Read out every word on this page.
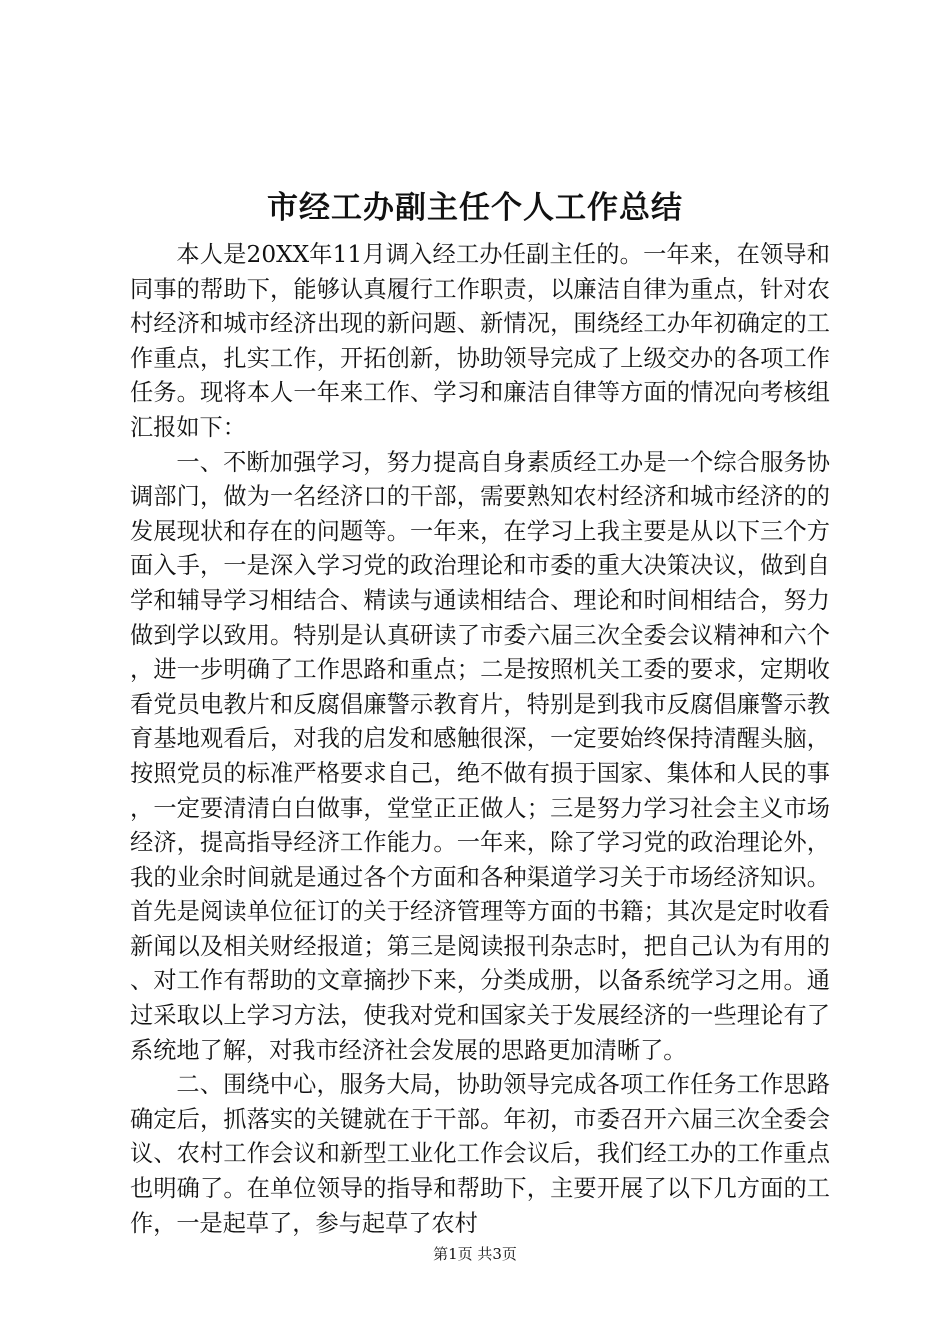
市经工办副主任个人工作总结

本人是20XX年11月调入经工办任副主任的。一年来，在领导和同事的帮助下，能够认真履行工作职责，以廉洁自律为重点，针对农村经济和城市经济出现的新问题、新情况，围绕经工办年初确定的工作重点，扎实工作，开拓创新，协助领导完成了上级交办的各项工作任务。现将本人一年来工作、学习和廉洁自律等方面的情况向考核组汇报如下：

一、不断加强学习，努力提高自身素质经工办是一个综合服务协调部门，做为一名经济口的干部，需要熟知农村经济和城市经济的的发展现状和存在的问题等。一年来，在学习上我主要是从以下三个方面入手，一是深入学习党的政治理论和市委的重大决策决议，做到自学和辅导学习相结合、精读与通读相结合、理论和时间相结合，努力做到学以致用。特别是认真研读了市委六届三次全委会议精神和六个，进一步明确了工作思路和重点；二是按照机关工委的要求，定期收看党员电教片和反腐倡廉警示教育片，特别是到我市反腐倡廉警示教育基地观看后，对我的启发和感触很深，一定要始终保持清醒头脑，按照党员的标准严格要求自己，绝不做有损于国家、集体和人民的事，一定要清清白白做事，堂堂正正做人；三是努力学习社会主义市场经济，提高指导经济工作能力。一年来，除了学习党的政治理论外，我的业余时间就是通过各个方面和各种渠道学习关于市场经济知识。首先是阅读单位征订的关于经济管理等方面的书籍；其次是定时收看新闻以及相关财经报道；第三是阅读报刊杂志时，把自己认为有用的、对工作有帮助的文章摘抄下来，分类成册，以备系统学习之用。通过采取以上学习方法，使我对党和国家关于发展经济的一些理论有了系统地了解，对我市经济社会发展的思路更加清晰了。

二、围绕中心，服务大局，协助领导完成各项工作任务工作思路确定后，抓落实的关键就在于干部。年初，市委召开六届三次全委会议、农村工作会议和新型工业化工作会议后，我们经工办的工作重点也明确了。在单位领导的指导和帮助下，主要开展了以下几方面的工作，一是起草了，参与起草了农村

第1页 共3页
